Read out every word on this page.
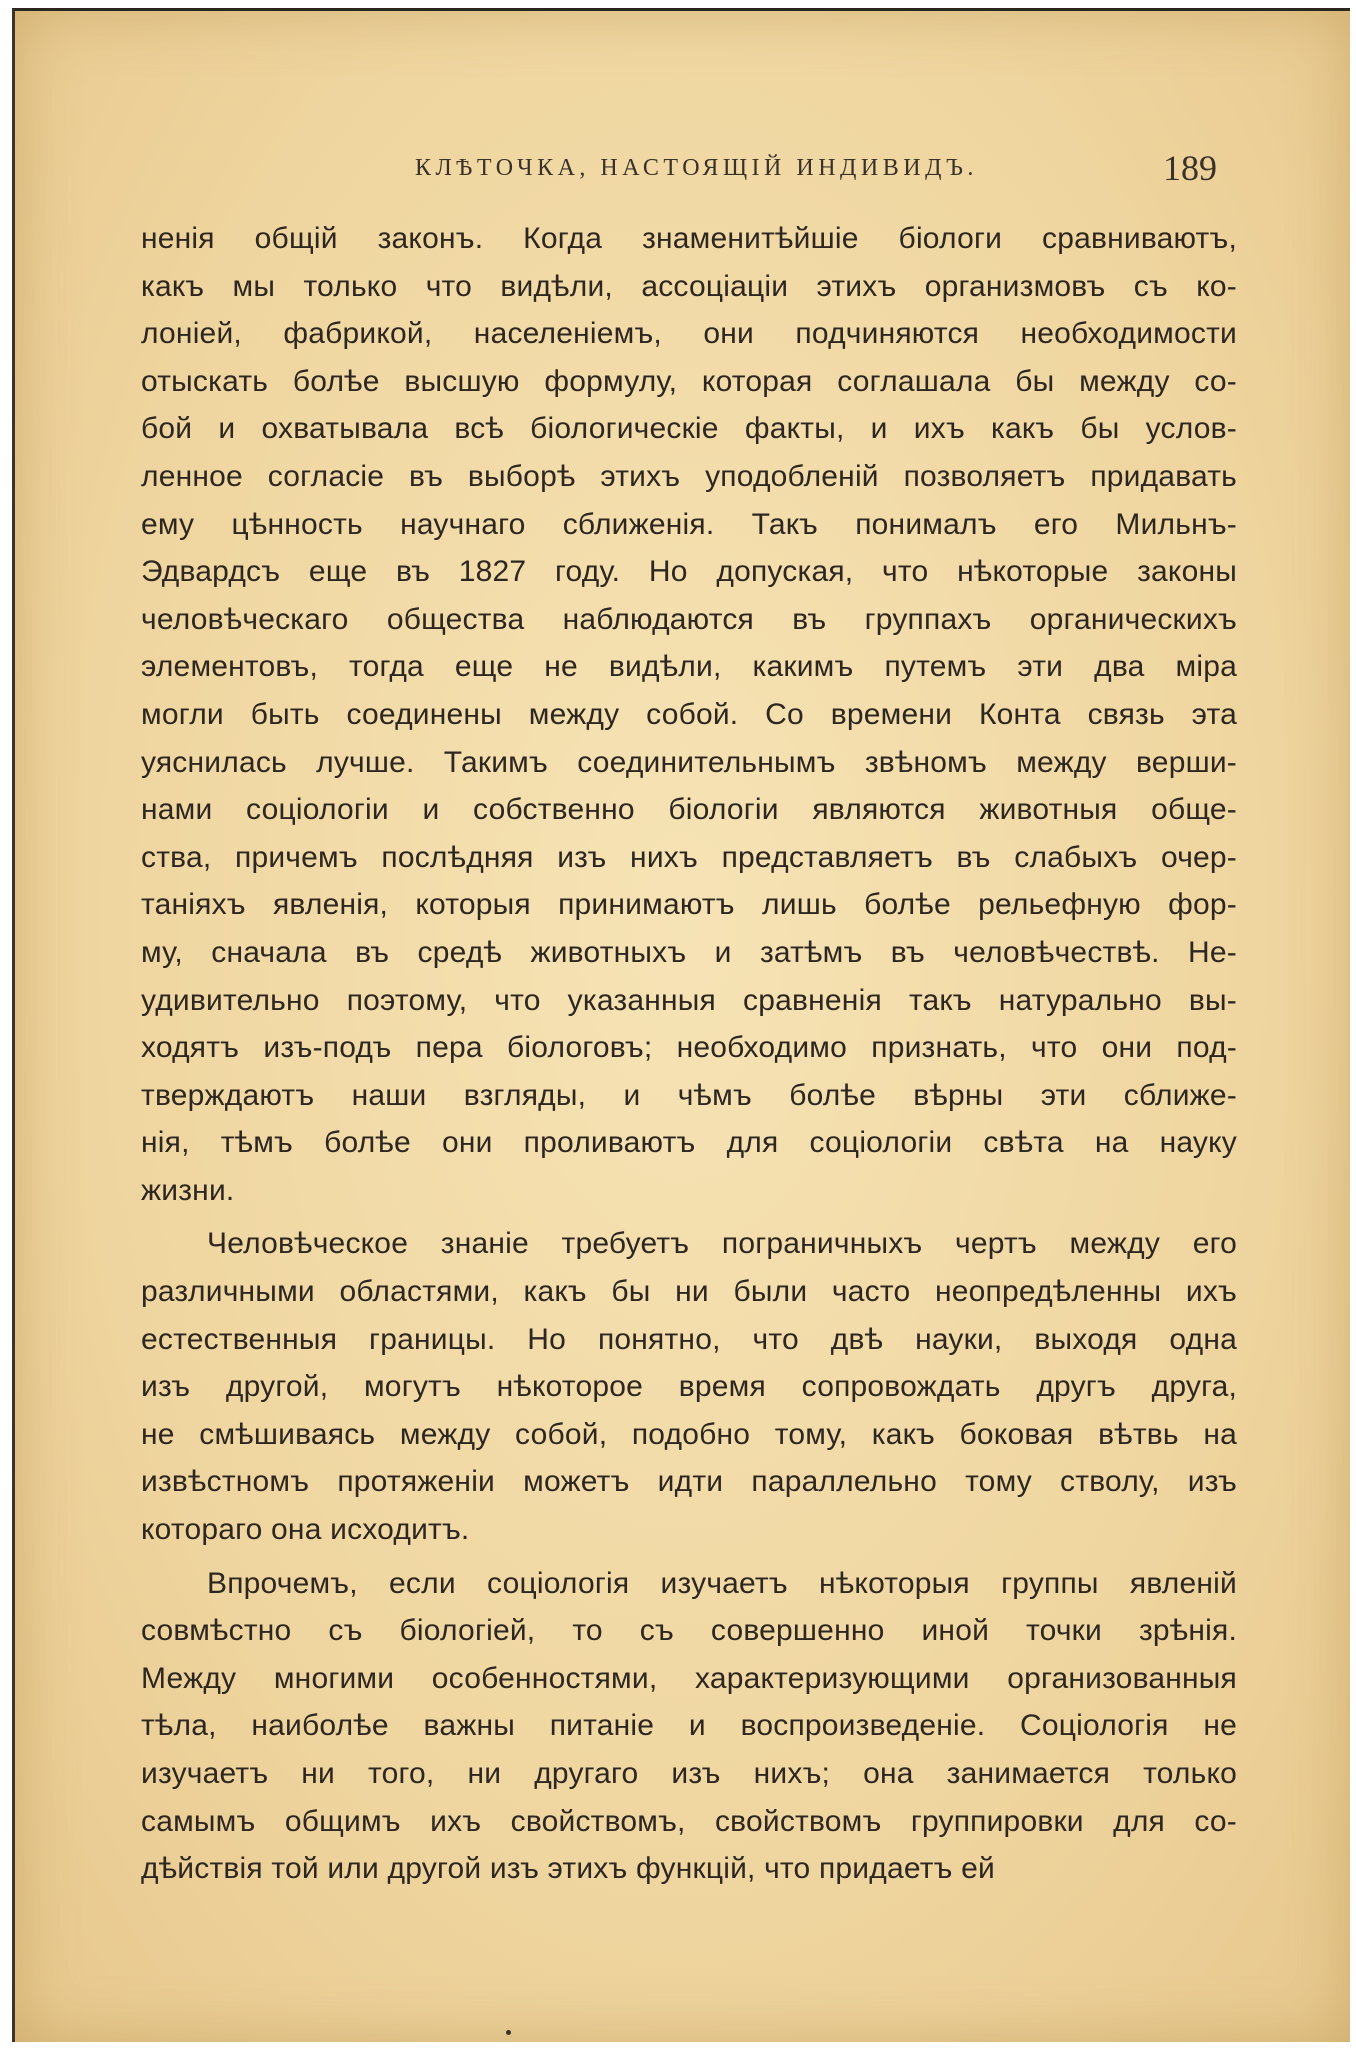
КЛѢТОЧКА, НАСТОЯЩІЙ ИНДИВИДЪ.	189
ненія общій законъ. Когда знаменитѣйшіе біологи сравниваютъ,
какъ мы только что видѣли, ассоціаціи этихъ организмовъ съ ко-
лоніей, фабрикой, населеніемъ, они подчиняются необходимости
отыскать болѣе высшую формулу, которая соглашала бы между со-
бой и охватывала всѣ біологическіе факты, и ихъ какъ бы услов-
ленное согласіе въ выборѣ этихъ уподобленій позволяетъ придавать
ему цѣнность научнаго сближенія. Такъ понималъ его Мильнъ-
Эдвардсъ еще въ 1827 году. Но допуская, что нѣкоторые законы
человѣческаго общества наблюдаются въ группахъ органическихъ
элементовъ, тогда еще не видѣли, какимъ путемъ эти два міра
могли быть соединены между собой. Со времени Конта связь эта
уяснилась лучше. Такимъ соединительнымъ звѣномъ между верши-
нами соціологіи и собственно біологіи являются животныя обще-
ства, причемъ послѣдняя изъ нихъ представляетъ въ слабыхъ очер-
таніяхъ явленія, которыя принимаютъ лишь болѣе рельефную фор-
му, сначала въ средѣ животныхъ и затѣмъ въ человѣчествѣ. Не-
удивительно поэтому, что указанныя сравненія такъ натурально вы-
ходятъ изъ-подъ пера біологовъ; необходимо признать, что они под-
тверждаютъ наши взгляды, и чѣмъ болѣе вѣрны эти сближе-
нія, тѣмъ болѣе они проливаютъ для соціологіи свѣта на науку
жизни.
Человѣческое знаніе требуетъ пограничныхъ чертъ между его
различными областями, какъ бы ни были часто неопредѣленны ихъ
естественныя границы. Но понятно, что двѣ науки, выходя одна
изъ другой, могутъ нѣкоторое время сопровождать другъ друга,
не смѣшиваясь между собой, подобно тому, какъ боковая вѣтвь на
извѣстномъ протяженіи можетъ идти параллельно тому стволу, изъ
котораго она исходитъ.
Впрочемъ, если соціологія изучаетъ нѣкоторыя группы явленій
совмѣстно съ біологіей, то съ совершенно иной точки зрѣнія.
Между многими особенностями, характеризующими организованныя
тѣла, наиболѣе важны питаніе и воспроизведеніе. Соціологія не
изучаетъ ни того, ни другаго изъ нихъ; она занимается только
самымъ общимъ ихъ свойствомъ, свойствомъ группировки для со-
дѣйствія той или другой изъ этихъ функцій, что придаетъ ей
